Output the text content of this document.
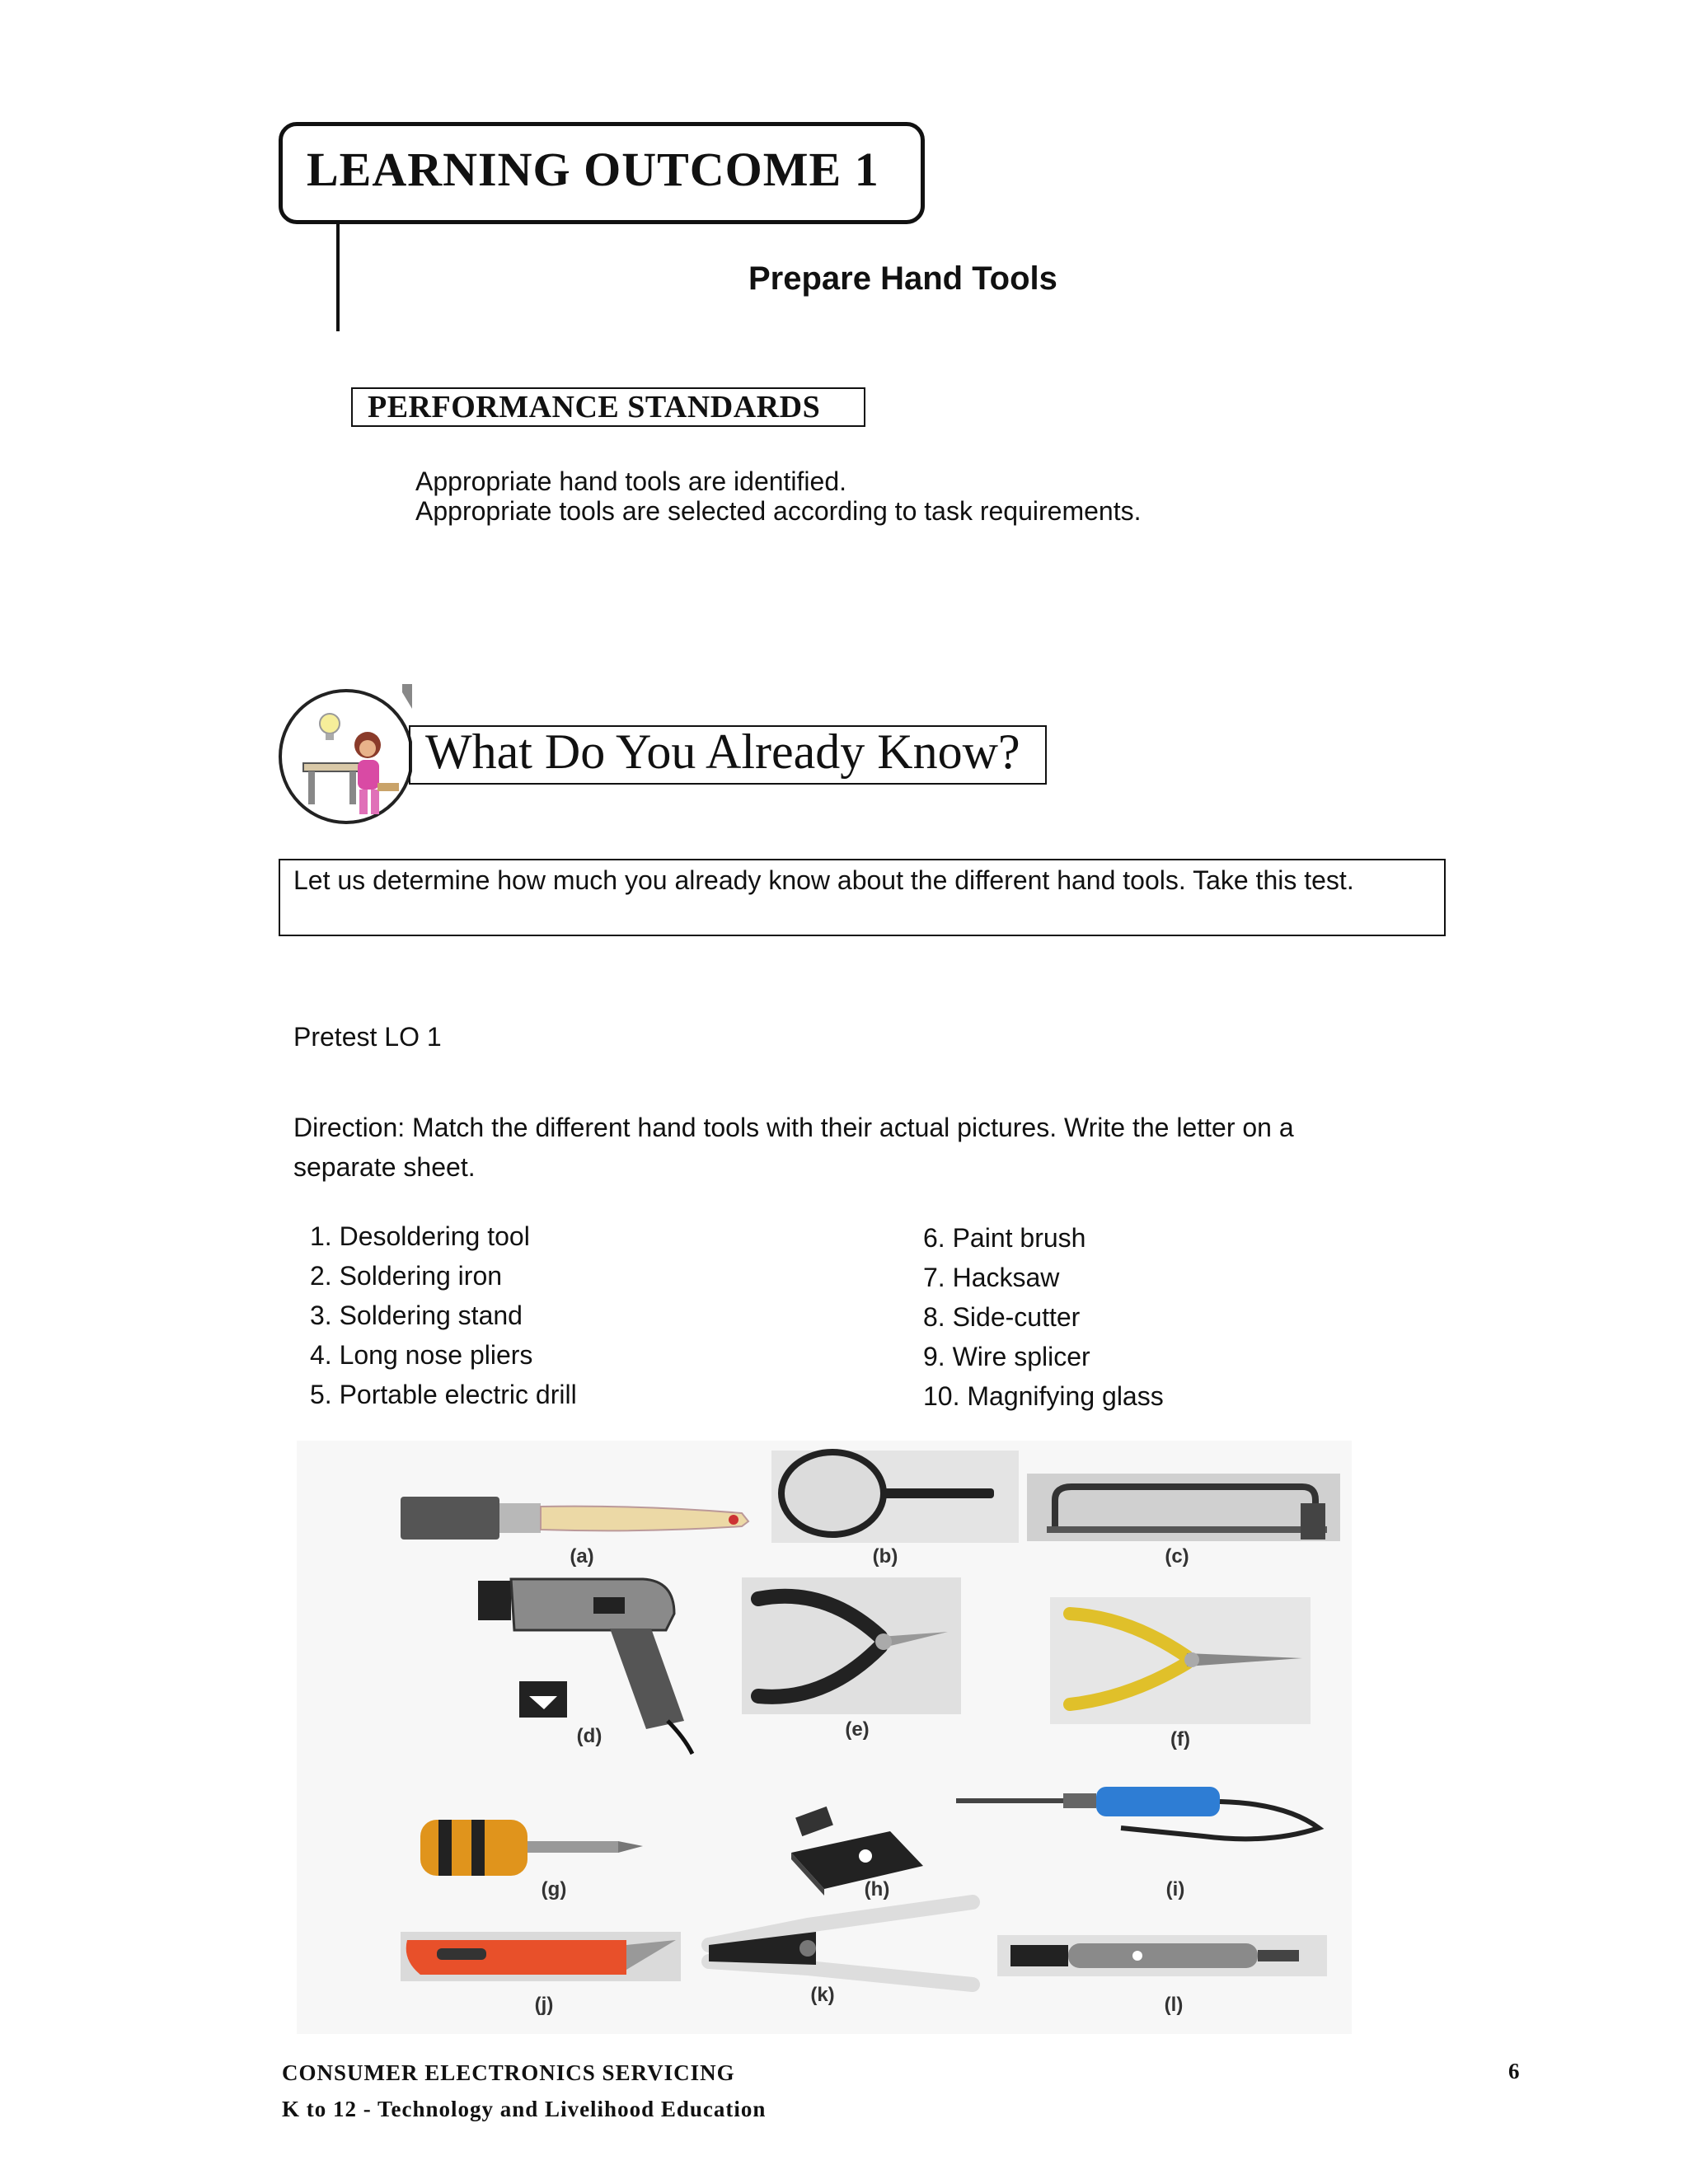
LEARNING OUTCOME 1
Prepare Hand Tools
PERFORMANCE STANDARDS
Appropriate hand tools are identified.
Appropriate tools are selected according to task requirements.
What Do You Already Know?
Let us determine how much you already know about the different hand tools. Take this test.
Pretest LO 1
Direction: Match the different hand tools with their actual pictures. Write the letter on a
separate sheet.
1. Desoldering tool
2. Soldering iron
3. Soldering stand
4. Long nose pliers
5. Portable electric drill
6. Paint brush
7. Hacksaw
8. Side-cutter
9. Wire splicer
10. Magnifying glass
(a)	(b)	(c)
(d)	(e)	(f)
(g)	(h)	(i)
(j)	(k)	(l)
CONSUMER ELECTRONICS SERVICING
K to 12 - Technology and Livelihood Education
6
